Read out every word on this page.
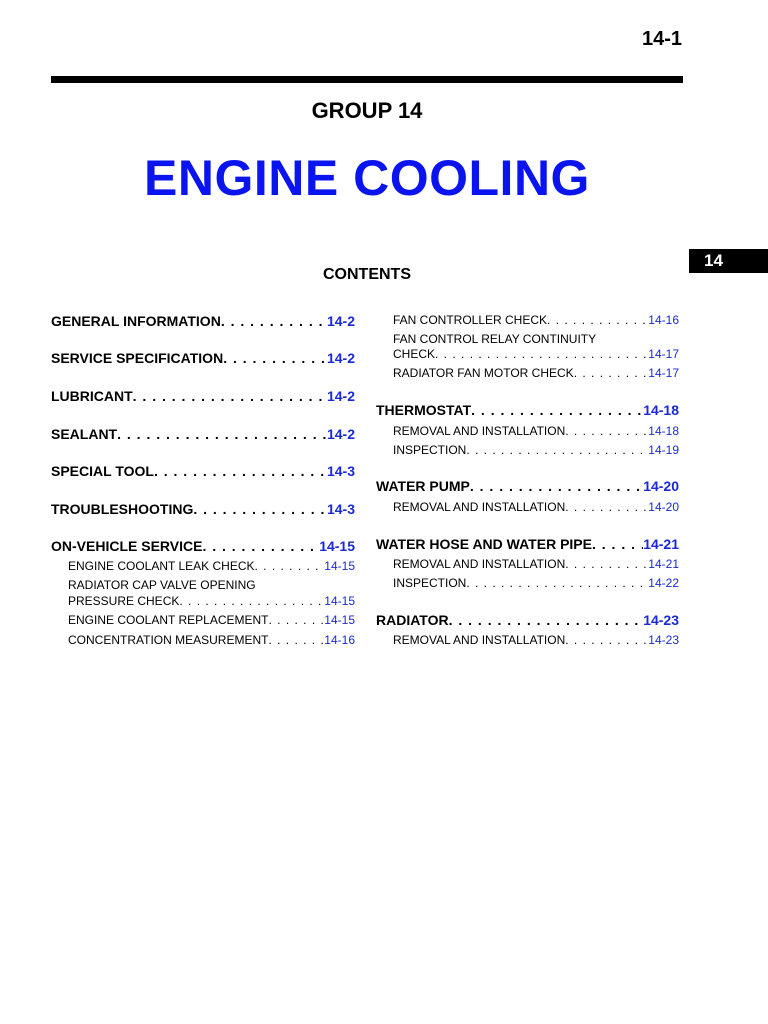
14-1
GROUP 14
ENGINE COOLING
14
CONTENTS
GENERAL INFORMATION . . .	14-2
SERVICE SPECIFICATION . . .	14-2
LUBRICANT . . .	14-2
SEALANT . . .	14-2
SPECIAL TOOL . . .	14-3
TROUBLESHOOTING . . .	14-3
ON-VEHICLE SERVICE . . .	14-15
ENGINE COOLANT LEAK CHECK . . .	14-15
RADIATOR CAP VALVE OPENING
PRESSURE CHECK . . .	14-15
ENGINE COOLANT REPLACEMENT . . .	14-15
CONCENTRATION MEASUREMENT . . .	14-16
FAN CONTROLLER CHECK . . .	14-16
FAN CONTROL RELAY CONTINUITY
CHECK . . .	14-17
RADIATOR FAN MOTOR CHECK . . .	14-17
THERMOSTAT . . .	14-18
REMOVAL AND INSTALLATION . . .	14-18
INSPECTION . . .	14-19
WATER PUMP . . .	14-20
REMOVAL AND INSTALLATION . . .	14-20
WATER HOSE AND WATER PIPE . . .	14-21
REMOVAL AND INSTALLATION . . .	14-21
INSPECTION . . .	14-22
RADIATOR . . .	14-23
REMOVAL AND INSTALLATION . . .	14-23
